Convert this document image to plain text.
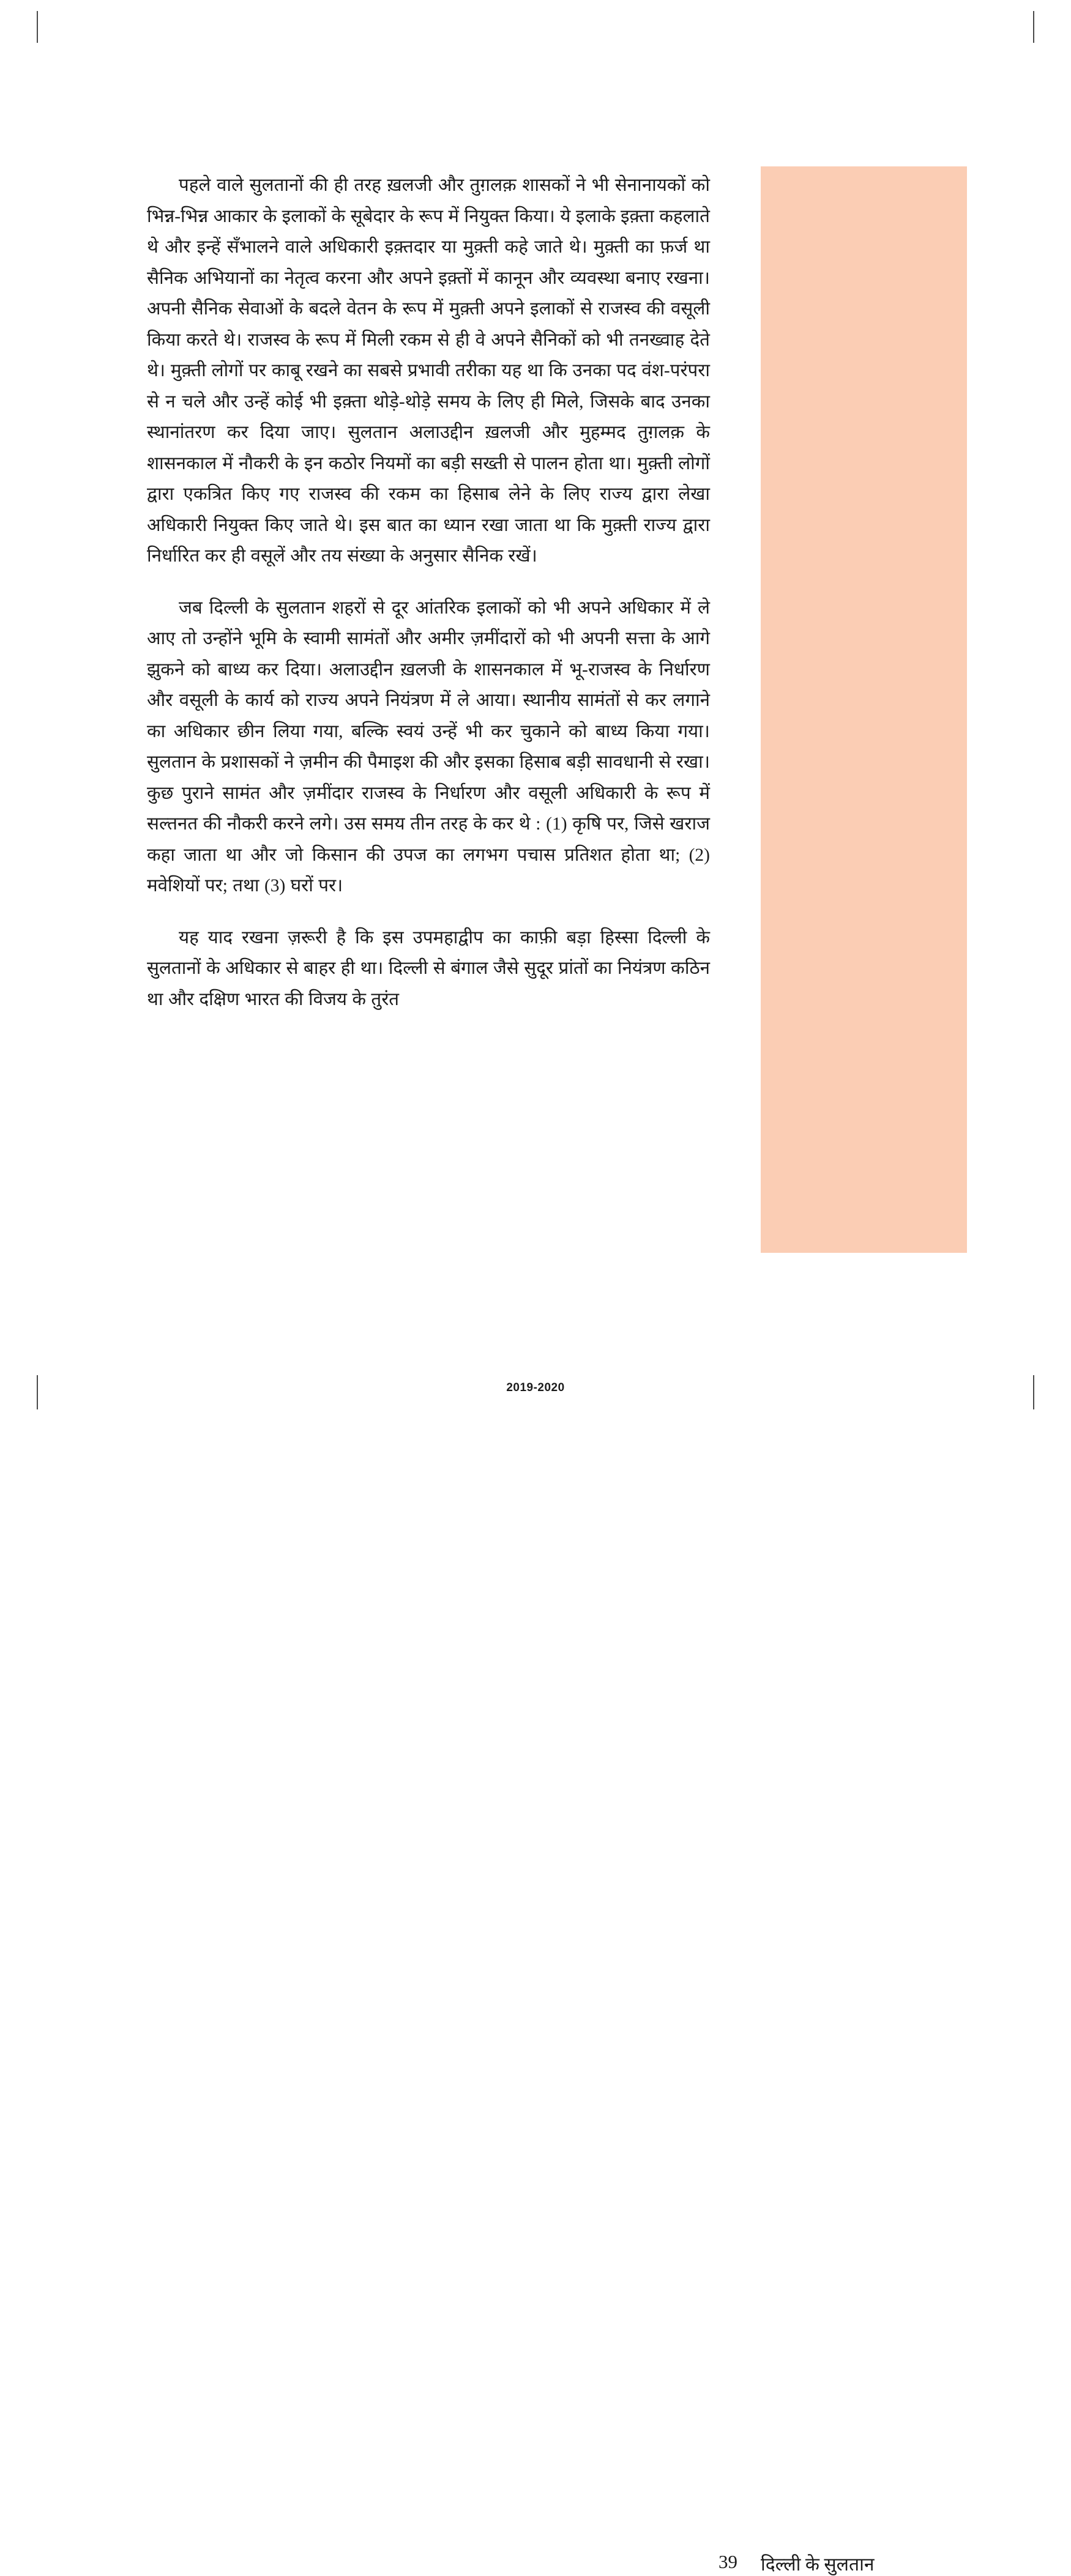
पहले वाले सुलतानों की ही तरह ख़लजी और तुग़लक़ शासकों ने भी सेनानायकों को भिन्न-भिन्न आकार के इलाकों के सूबेदार के रूप में नियुक्त किया। ये इलाके इक़्ता कहलाते थे और इन्हें सँभालने वाले अधिकारी इक़्तदार या मुक़्ती कहे जाते थे। मुक़्ती का फ़र्ज था सैनिक अभियानों का नेतृत्व करना और अपने इक़्तों में कानून और व्यवस्था बनाए रखना। अपनी सैनिक सेवाओं के बदले वेतन के रूप में मुक़्ती अपने इलाकों से राजस्व की वसूली किया करते थे। राजस्व के रूप में मिली रकम से ही वे अपने सैनिकों को भी तनख्वाह देते थे। मुक़्ती लोगों पर काबू रखने का सबसे प्रभावी तरीका यह था कि उनका पद वंश-परंपरा से न चले और उन्हें कोई भी इक़्ता थोड़े-थोड़े समय के लिए ही मिले, जिसके बाद उनका स्थानांतरण कर दिया जाए। सुलतान अलाउद्दीन ख़लजी और मुहम्मद तुग़लक़ के शासनकाल में नौकरी के इन कठोर नियमों का बड़ी सख्ती से पालन होता था। मुक़्ती लोगों द्वारा एकत्रित किए गए राजस्व की रकम का हिसाब लेने के लिए राज्य द्वारा लेखा अधिकारी नियुक्त किए जाते थे। इस बात का ध्यान रखा जाता था कि मुक़्ती राज्य द्वारा निर्धारित कर ही वसूलें और तय संख्या के अनुसार सैनिक रखें।

जब दिल्ली के सुलतान शहरों से दूर आंतरिक इलाकों को भी अपने अधिकार में ले आए तो उन्होंने भूमि के स्वामी सामंतों और अमीर ज़मींदारों को भी अपनी सत्ता के आगे झुकने को बाध्य कर दिया। अलाउद्दीन ख़लजी के शासनकाल में भू-राजस्व के निर्धारण और वसूली के कार्य को राज्य अपने नियंत्रण में ले आया। स्थानीय सामंतों से कर लगाने का अधिकार छीन लिया गया, बल्कि स्वयं उन्हें भी कर चुकाने को बाध्य किया गया। सुलतान के प्रशासकों ने ज़मीन की पैमाइश की और इसका हिसाब बड़ी सावधानी से रखा। कुछ पुराने सामंत और ज़मींदार राजस्व के निर्धारण और वसूली अधिकारी के रूप में सल्तनत की नौकरी करने लगे। उस समय तीन तरह के कर थे : (1) कृषि पर, जिसे खराज कहा जाता था और जो किसान की उपज का लगभग पचास प्रतिशत होता था; (2) मवेशियों पर; तथा (3) घरों पर।

यह याद रखना ज़रूरी है कि इस उपमहाद्वीप का काफ़ी बड़ा हिस्सा दिल्ली के सुलतानों के अधिकार से बाहर ही था। दिल्ली से बंगाल जैसे सुदूर प्रांतों का नियंत्रण कठिन था और दक्षिण भारत की विजय के तुरंत

39 दिल्ली के सुलतान
2019-2020
